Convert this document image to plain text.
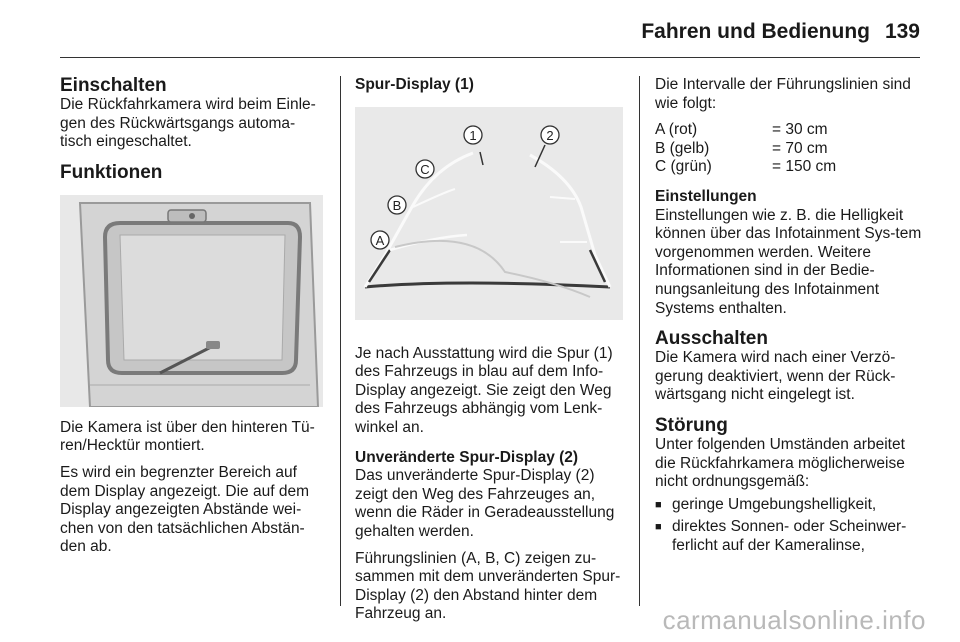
Fahren und Bedienung 139
Einschalten

Die Rückfahrkamera wird beim Einle-gen des Rückwärtsgangs automa-tisch eingeschaltet.

Funktionen

Die Kamera ist über den hinteren Tü-ren/Hecktür montiert.

Es wird ein begrenzter Bereich auf dem Display angezeigt. Die auf dem Display angezeigten Abstände wei-chen von den tatsächlichen Abstän-den ab.

Spur-Display (1)
1	2
C
B
A

Je nach Ausstattung wird die Spur (1) des Fahrzeugs in blau auf dem Info-Display angezeigt. Sie zeigt den Weg des Fahrzeugs abhängig vom Lenk-winkel an.

Unveränderte Spur-Display (2)

Das unveränderte Spur-Display (2) zeigt den Weg des Fahrzeuges an, wenn die Räder in Geradeausstellung gehalten werden.

Führungslinien (A, B, C) zeigen zu-sammen mit dem unveränderten Spur-Display (2) den Abstand hinter dem Fahrzeug an.

Die Intervalle der Führungslinien sind wie folgt:

A (rot)	= 30 cm
B (gelb)	= 70 cm
C (grün)	= 150 cm
Einstellungen

Einstellungen wie z. B. die Helligkeit können über das Infotainment Sys-tem vorgenommen werden. Weitere Informationen sind in der Bedie-nungsanleitung des Infotainment Systems enthalten.

Ausschalten

Die Kamera wird nach einer Verzö-gerung deaktiviert, wenn der Rück-wärtsgang nicht eingelegt ist.

Störung

Unter folgenden Umständen arbeitet die Rückfahrkamera möglicherweise nicht ordnungsgemäß:

■ geringe Umgebungshelligkeit,
■ direktes Sonnen- oder Scheinwer-ferlicht auf der Kameralinse,
carmanualsonline.info
